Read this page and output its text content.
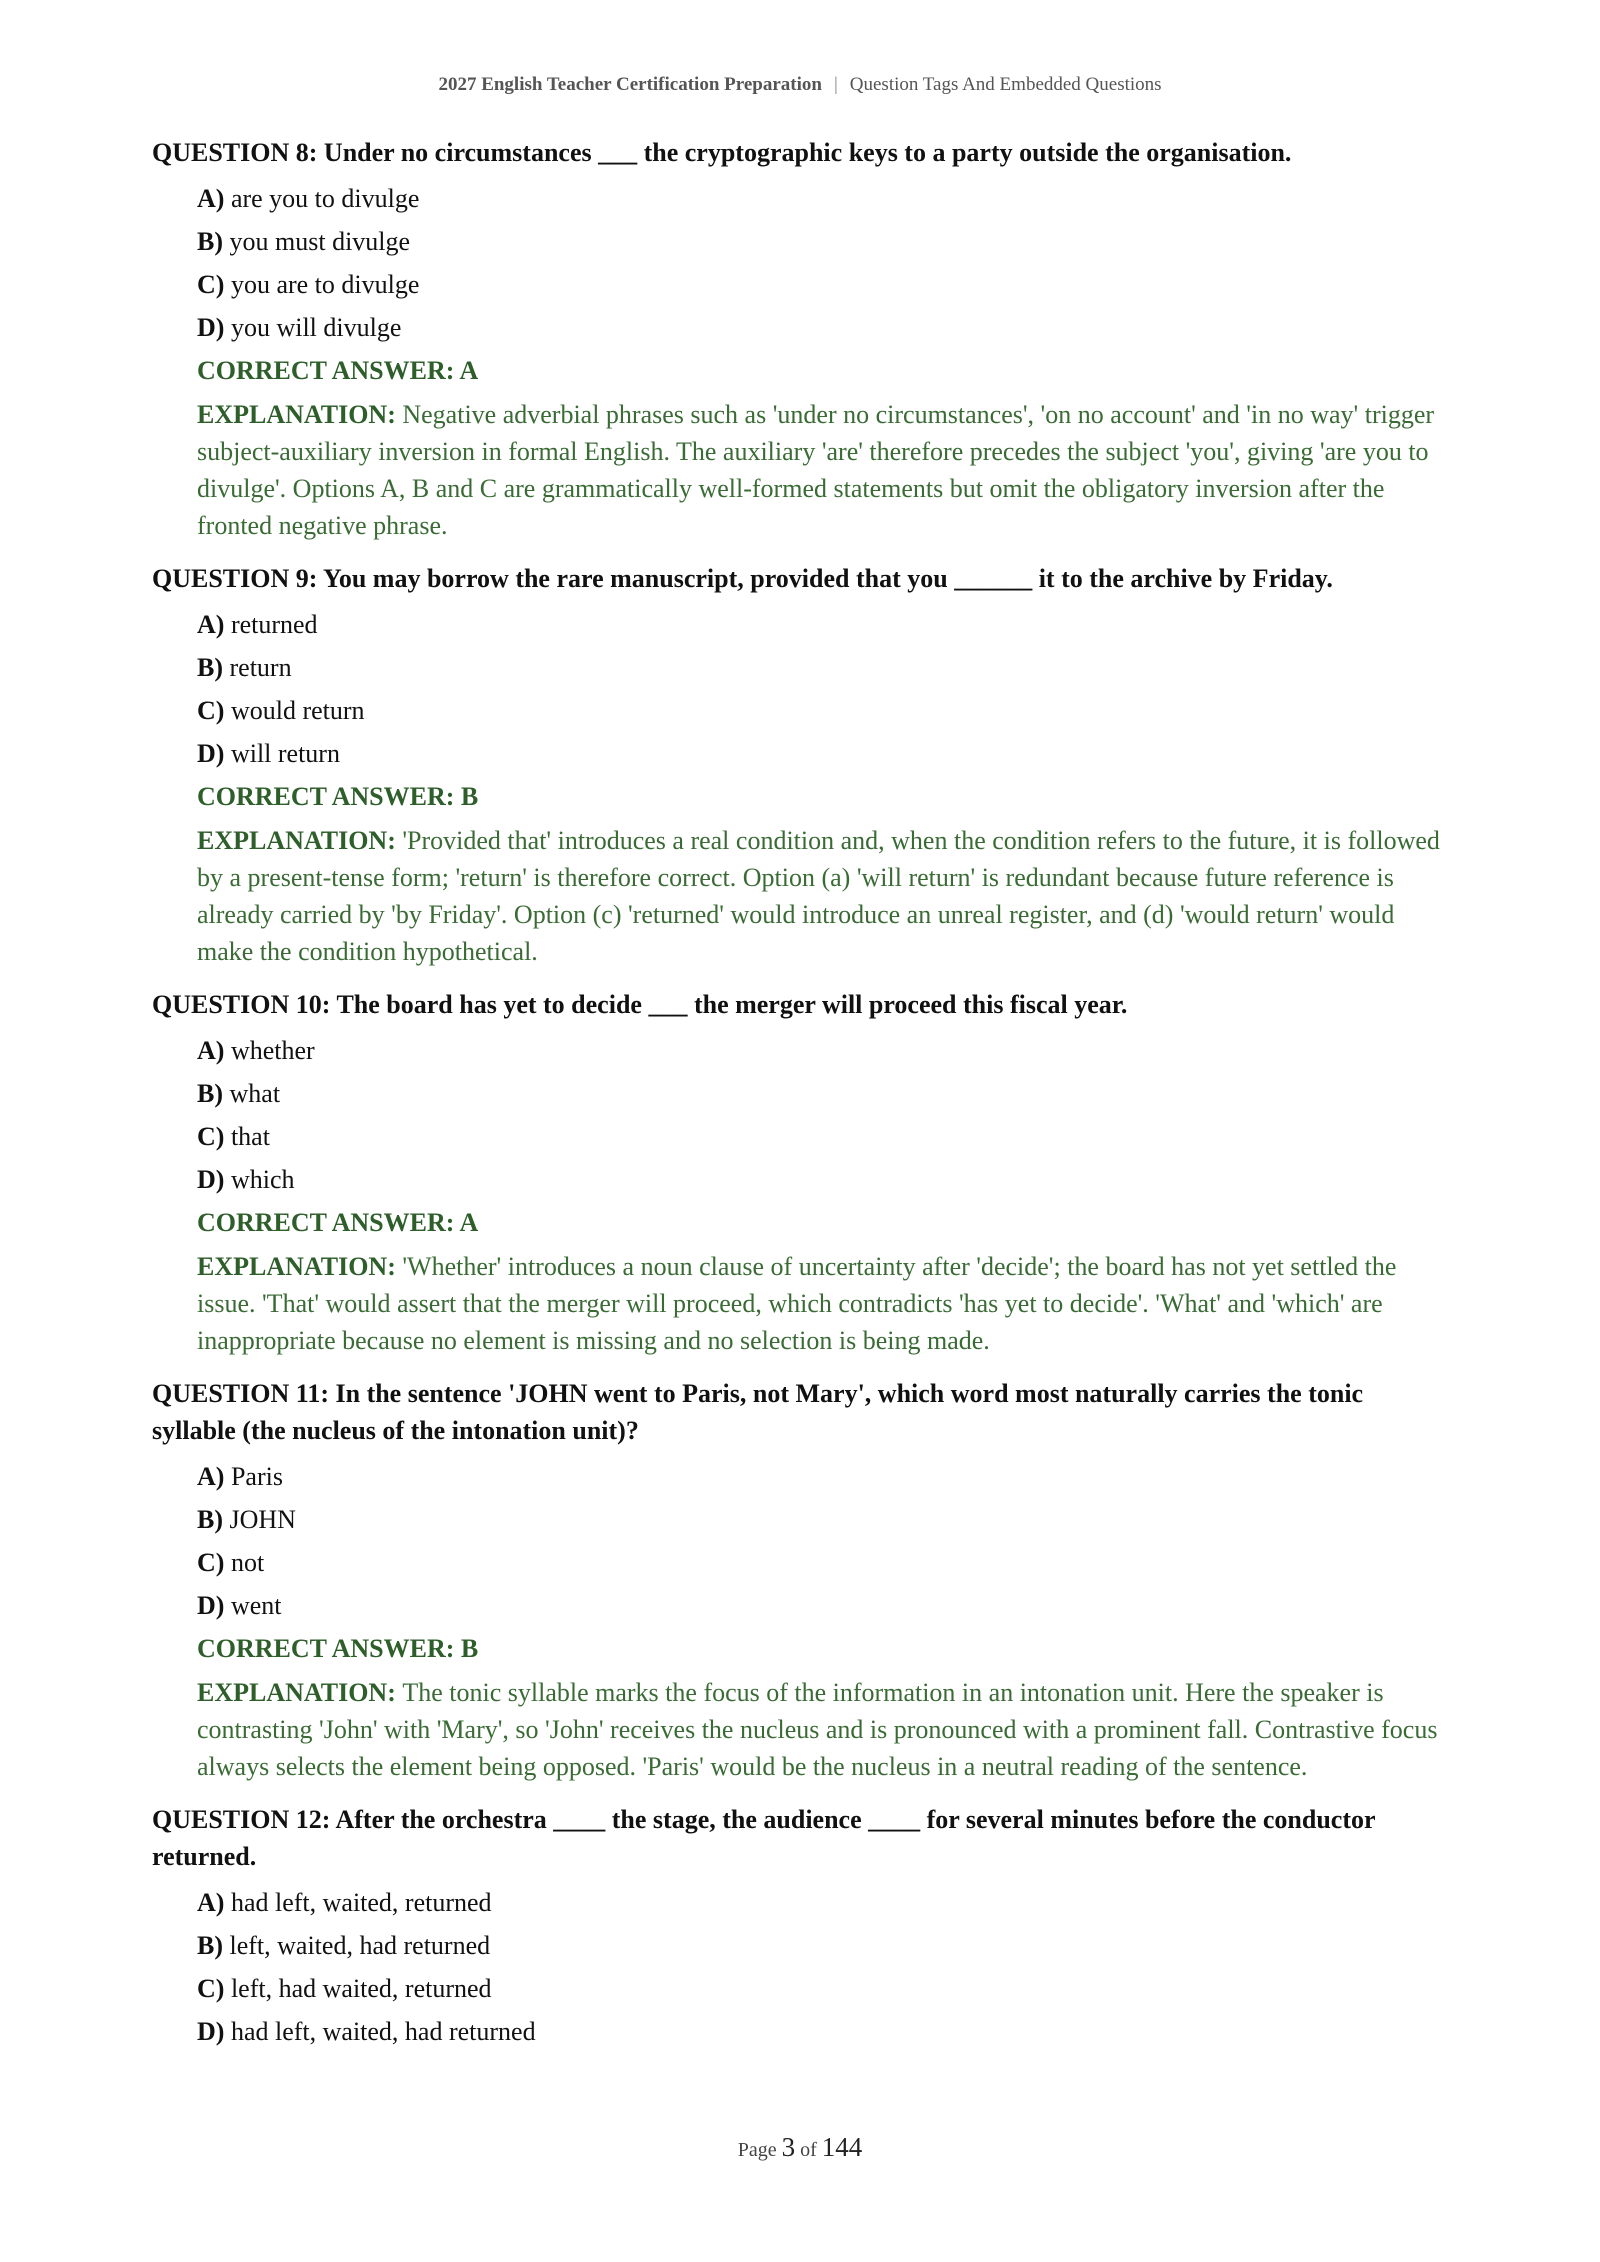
2027 English Teacher Certification Preparation | Question Tags And Embedded Questions
QUESTION 8: Under no circumstances ___ the cryptographic keys to a party outside the organisation.
A) are you to divulge
B) you must divulge
C) you are to divulge
D) you will divulge
CORRECT ANSWER: A
EXPLANATION: Negative adverbial phrases such as 'under no circumstances', 'on no account' and 'in no way' trigger subject-auxiliary inversion in formal English. The auxiliary 'are' therefore precedes the subject 'you', giving 'are you to divulge'. Options A, B and C are grammatically well-formed statements but omit the obligatory inversion after the fronted negative phrase.
QUESTION 9: You may borrow the rare manuscript, provided that you ______ it to the archive by Friday.
A) returned
B) return
C) would return
D) will return
CORRECT ANSWER: B
EXPLANATION: 'Provided that' introduces a real condition and, when the condition refers to the future, it is followed by a present-tense form; 'return' is therefore correct. Option (a) 'will return' is redundant because future reference is already carried by 'by Friday'. Option (c) 'returned' would introduce an unreal register, and (d) 'would return' would make the condition hypothetical.
QUESTION 10: The board has yet to decide ___ the merger will proceed this fiscal year.
A) whether
B) what
C) that
D) which
CORRECT ANSWER: A
EXPLANATION: 'Whether' introduces a noun clause of uncertainty after 'decide'; the board has not yet settled the issue. 'That' would assert that the merger will proceed, which contradicts 'has yet to decide'. 'What' and 'which' are inappropriate because no element is missing and no selection is being made.
QUESTION 11: In the sentence 'JOHN went to Paris, not Mary', which word most naturally carries the tonic syllable (the nucleus of the intonation unit)?
A) Paris
B) JOHN
C) not
D) went
CORRECT ANSWER: B
EXPLANATION: The tonic syllable marks the focus of the information in an intonation unit. Here the speaker is contrasting 'John' with 'Mary', so 'John' receives the nucleus and is pronounced with a prominent fall. Contrastive focus always selects the element being opposed. 'Paris' would be the nucleus in a neutral reading of the sentence.
QUESTION 12: After the orchestra ____ the stage, the audience ____ for several minutes before the conductor returned.
A) had left, waited, returned
B) left, waited, had returned
C) left, had waited, returned
D) had left, waited, had returned
Page 3 of 144
